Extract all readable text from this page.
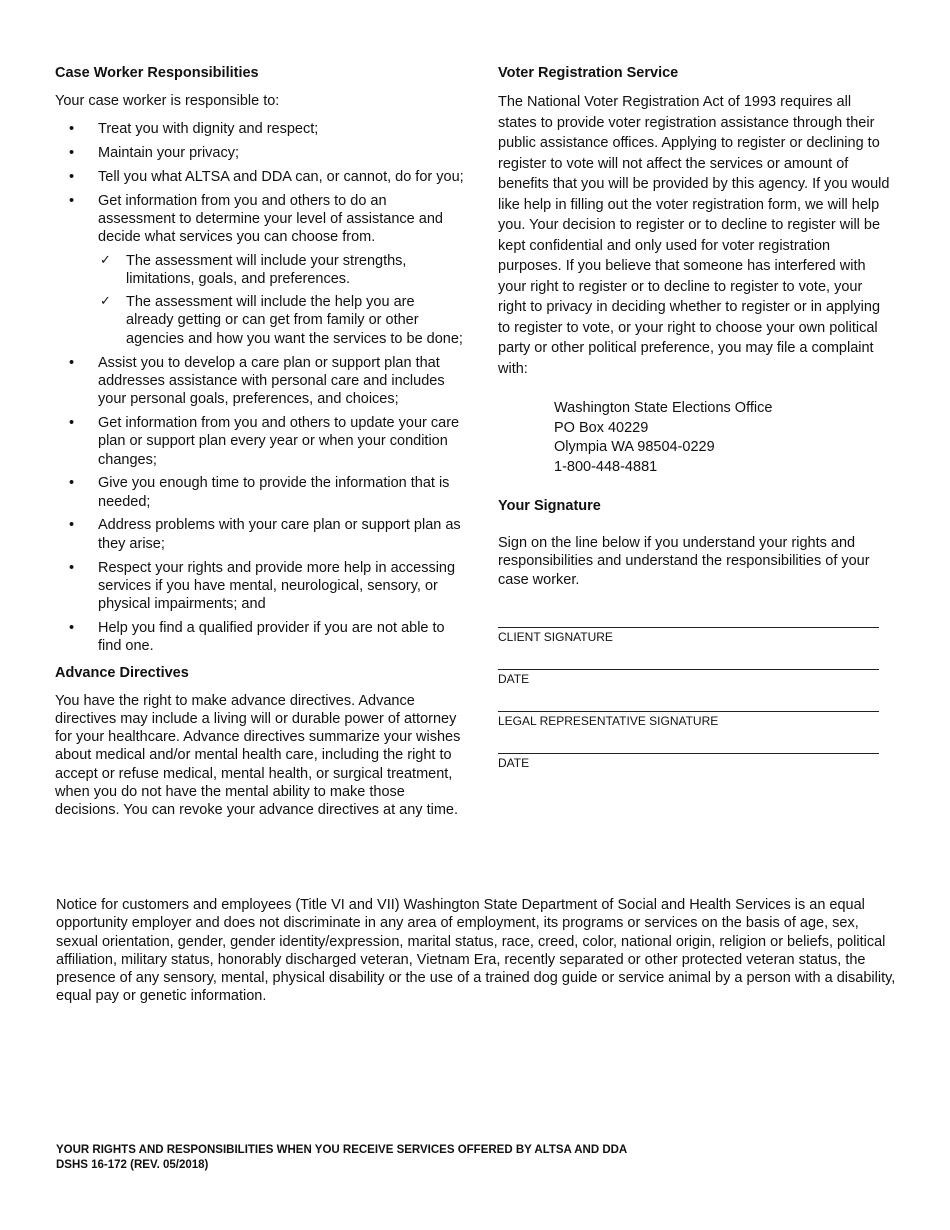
Case Worker Responsibilities

Your case worker is responsible to:

• Treat you with dignity and respect;
• Maintain your privacy;
• Tell you what ALTSA and DDA can, or cannot, do for you;
• Get information from you and others to do an assessment to determine your level of assistance and decide what services you can choose from.
✓ The assessment will include your strengths, limitations, goals, and preferences.
✓ The assessment will include the help you are already getting or can get from family or other agencies and how you want the services to be done;
• Assist you to develop a care plan or support plan that addresses assistance with personal care and includes your personal goals, preferences, and choices;
• Get information from you and others to update your care plan or support plan every year or when your condition changes;
• Give you enough time to provide the information that is needed;
• Address problems with your care plan or support plan as they arise;
• Respect your rights and provide more help in accessing services if you have mental, neurological, sensory, or physical impairments; and
• Help you find a qualified provider if you are not able to find one.
Advance Directives

You have the right to make advance directives. Advance directives may include a living will or durable power of attorney for your healthcare. Advance directives summarize your wishes about medical and/or mental health care, including the right to accept or refuse medical, mental health, or surgical treatment, when you do not have the mental ability to make those decisions. You can revoke your advance directives at any time.

Voter Registration Service

The National Voter Registration Act of 1993 requires all states to provide voter registration assistance through their public assistance offices. Applying to register or declining to register to vote will not affect the services or amount of benefits that you will be provided by this agency. If you would like help in filling out the voter registration form, we will help you. Your decision to register or to decline to register will be kept confidential and only used for voter registration purposes. If you believe that someone has interfered with your right to register or to decline to register to vote, your right to privacy in deciding whether to register or in applying to register to vote, or your right to choose your own political party or other political preference, you may file a complaint with:

Washington State Elections Office
PO Box 40229
Olympia WA 98504-0229
1-800-448-4881
Your Signature

Sign on the line below if you understand your rights and responsibilities and understand the responsibilities of your case worker.

CLIENT SIGNATURE
DATE
LEGAL REPRESENTATIVE SIGNATURE
DATE

Notice for customers and employees (Title VI and VII) Washington State Department of Social and Health Services is an equal opportunity employer and does not discriminate in any area of employment, its programs or services on the basis of age, sex, sexual orientation, gender, gender identity/expression, marital status, race, creed, color, national origin, religion or beliefs, political affiliation, military status, honorably discharged veteran, Vietnam Era, recently separated or other protected veteran status, the presence of any sensory, mental, physical disability or the use of a trained dog guide or service animal by a person with a disability, equal pay or genetic information.

YOUR RIGHTS AND RESPONSIBILITIES WHEN YOU RECEIVE SERVICES OFFERED BY ALTSA AND DDA
DSHS 16-172 (REV. 05/2018)
